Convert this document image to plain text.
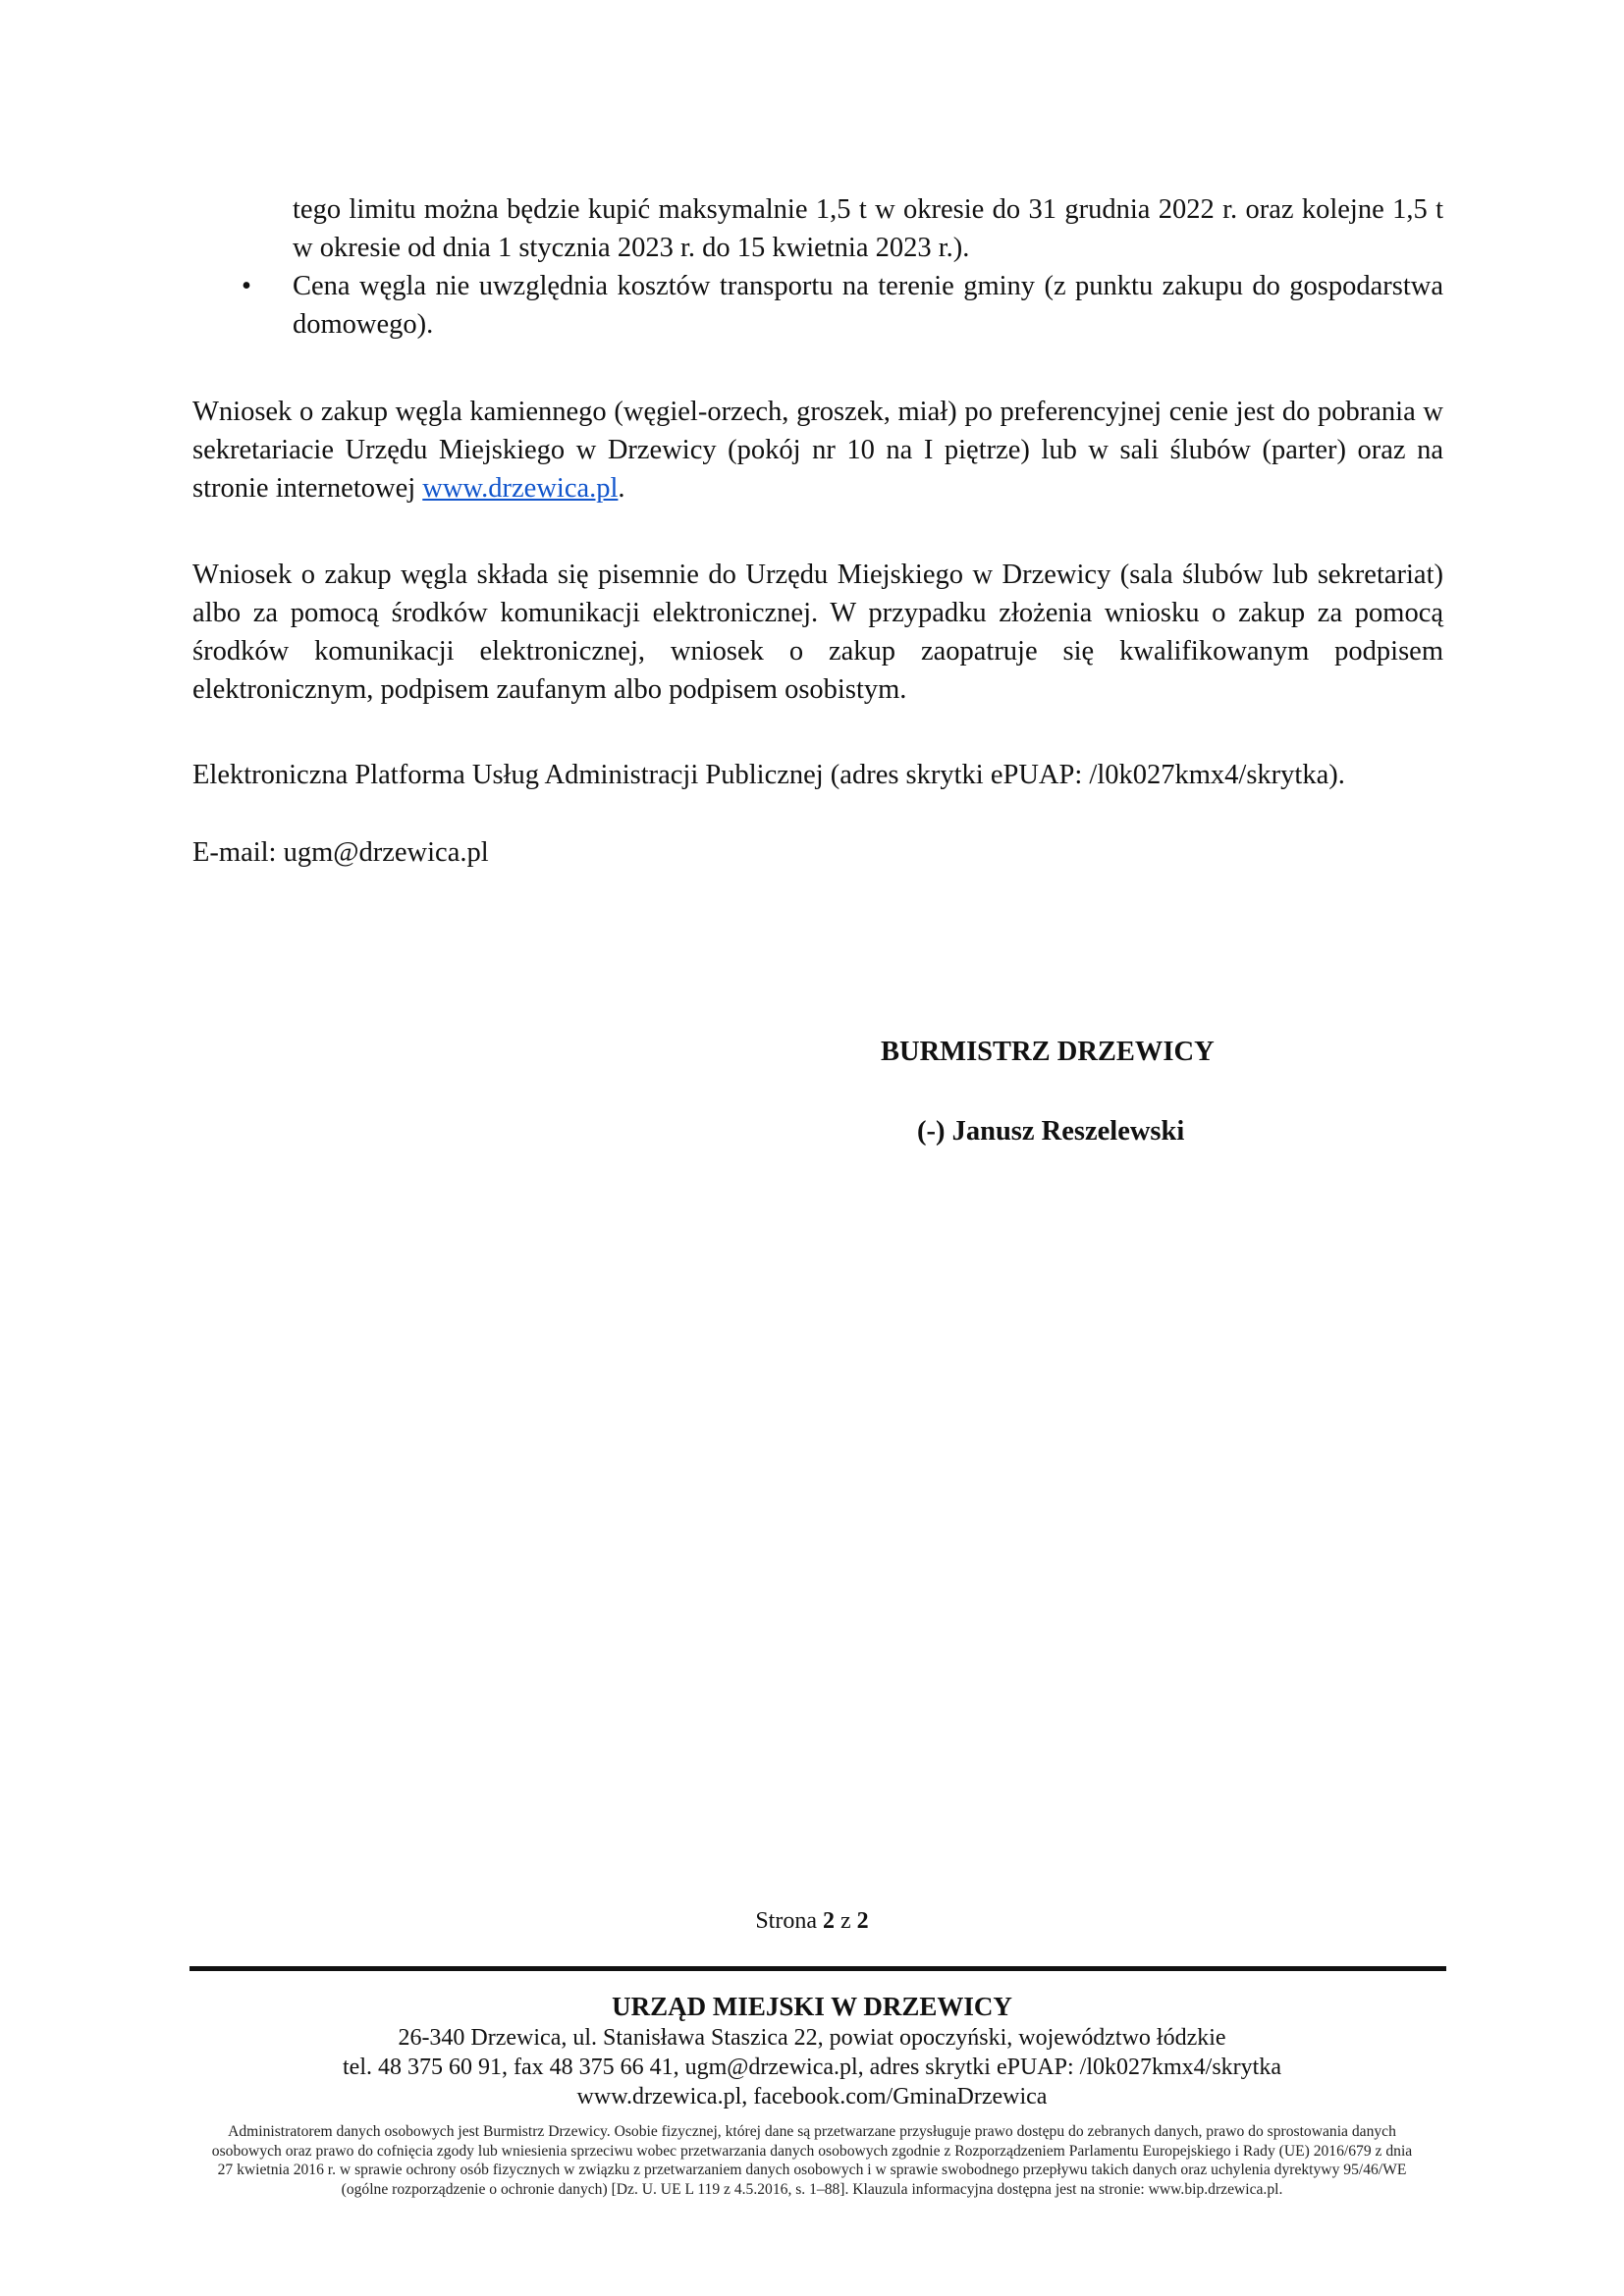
tego limitu można będzie kupić maksymalnie 1,5 t w okresie do 31 grudnia 2022 r. oraz kolejne 1,5 t w okresie od dnia 1 stycznia 2023 r. do 15 kwietnia 2023 r.).
•	Cena węgla nie uwzględnia kosztów transportu na terenie gminy (z punktu zakupu do gospodarstwa domowego).
Wniosek o zakup węgla kamiennego (węgiel-orzech, groszek, miał) po preferencyjnej cenie jest do pobrania w sekretariacie Urzędu Miejskiego w Drzewicy (pokój nr 10 na I piętrze) lub w sali ślubów (parter) oraz na stronie internetowej www.drzewica.pl.
Wniosek o zakup węgla składa się pisemnie do Urzędu Miejskiego w Drzewicy (sala ślubów lub sekretariat) albo za pomocą środków komunikacji elektronicznej. W przypadku złożenia wniosku o zakup za pomocą środków komunikacji elektronicznej, wniosek o zakup zaopatruje się kwalifikowanym podpisem elektronicznym, podpisem zaufanym albo podpisem osobistym.
Elektroniczna Platforma Usług Administracji Publicznej (adres skrytki ePUAP: /l0k027kmx4/skrytka).
E-mail: ugm@drzewica.pl
BURMISTRZ DRZEWICY
(-) Janusz Reszelewski
Strona 2 z 2
URZĄD MIEJSKI W DRZEWICY
26-340 Drzewica, ul. Stanisława Staszica 22, powiat opoczyński, województwo łódzkie
tel. 48 375 60 91, fax 48 375 66 41, ugm@drzewica.pl, adres skrytki ePUAP: /l0k027kmx4/skrytka
www.drzewica.pl, facebook.com/GminaDrzewica
Administratorem danych osobowych jest Burmistrz Drzewicy. Osobie fizycznej, której dane są przetwarzane przysługuje prawo dostępu do zebranych danych, prawo do sprostowania danych osobowych oraz prawo do cofnięcia zgody lub wniesienia sprzeciwu wobec przetwarzania danych osobowych zgodnie z Rozporządzeniem Parlamentu Europejskiego i Rady (UE) 2016/679 z dnia 27 kwietnia 2016 r. w sprawie ochrony osób fizycznych w związku z przetwarzaniem danych osobowych i w sprawie swobodnego przepływu takich danych oraz uchylenia dyrektywy 95/46/WE (ogólne rozporządzenie o ochronie danych) [Dz. U. UE L 119 z 4.5.2016, s. 1–88]. Klauzula informacyjna dostępna jest na stronie: www.bip.drzewica.pl.
